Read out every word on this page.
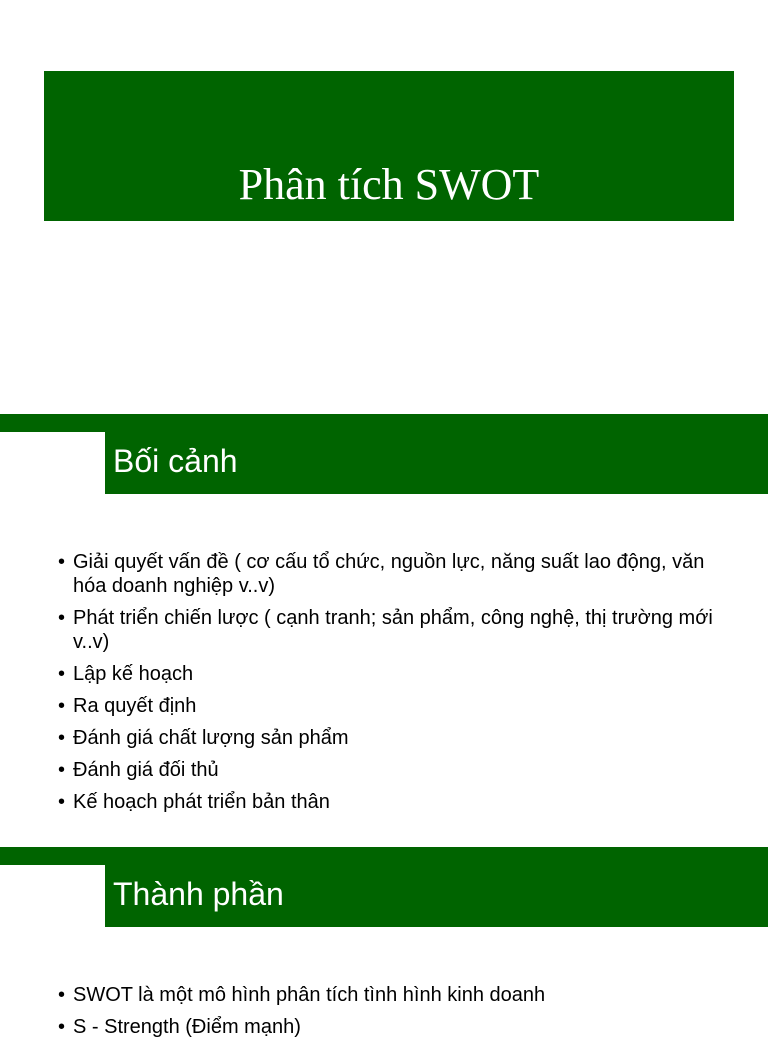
Phân tích SWOT
Bối cảnh
• Giải quyết vấn đề ( cơ cấu tổ chức, nguồn lực, năng suất lao động, văn hóa doanh nghiệp v..v)
• Phát triển chiến lược ( cạnh tranh; sản phẩm, công nghệ, thị trường mới v..v)
• Lập kế hoạch
• Ra quyết định
• Đánh giá chất lượng sản phẩm
• Đánh giá đối thủ
• Kế hoạch phát triển bản thân
Thành phần
• SWOT là một mô hình phân tích tình hình kinh doanh
• S - Strength (Điểm mạnh)
